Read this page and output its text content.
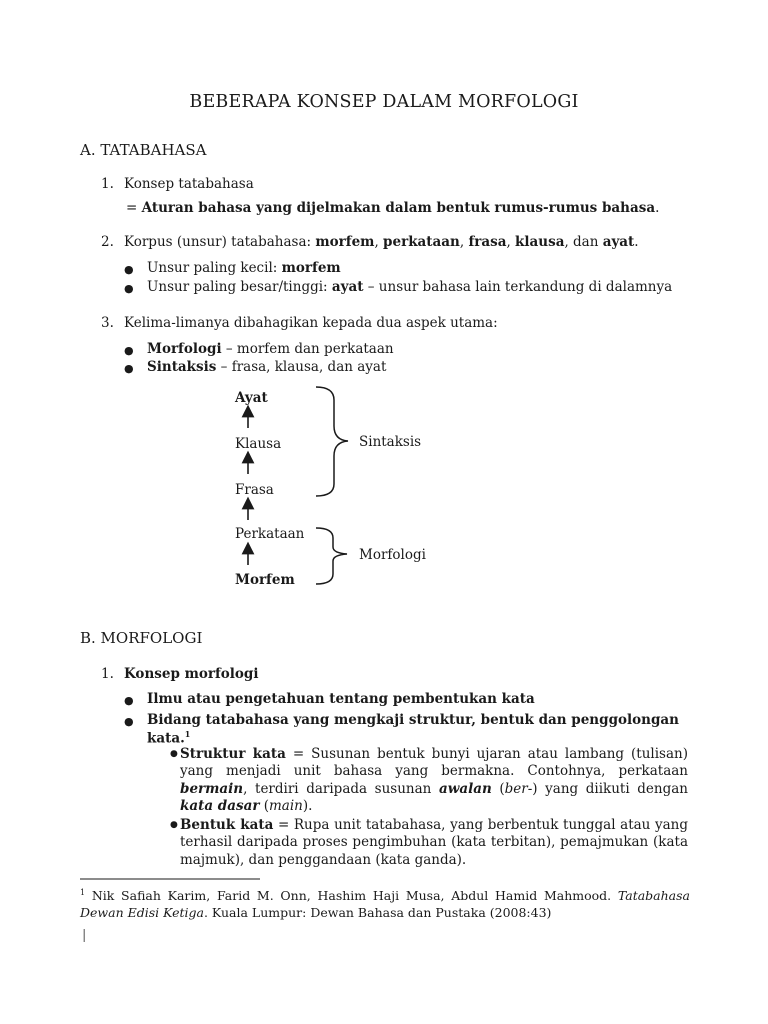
BEBERAPA KONSEP DALAM MORFOLOGI
A. TATABAHASA
1. Konsep tatabahasa
= Aturan bahasa yang dijelmakan dalam bentuk rumus-rumus bahasa.
2. Korpus (unsur) tatabahasa: morfem, perkataan, frasa, klausa, dan ayat.
● Unsur paling kecil: morfem
● Unsur paling besar/tinggi: ayat – unsur bahasa lain terkandung di dalamnya
3. Kelima-limanya dibahagikan kepada dua aspek utama:
● Morfologi – morfem dan perkataan
● Sintaksis – frasa, klausa, dan ayat
Ayat
Klausa
Frasa
Perkataan
Morfem
Sintaksis
Morfologi
B. MORFOLOGI
1. Konsep morfologi
● Ilmu atau pengetahuan tentang pembentukan kata
● Bidang tatabahasa yang mengkaji struktur, bentuk dan penggolongan
kata.$^1$
● Struktur kata = Susunan bentuk bunyi ujaran atau lambang (tulisan) yang menjadi unit bahasa yang bermakna. Contohnya, perkataan bermain, terdiri daripada susunan awalan (ber-) yang diikuti dengan kata dasar (main).
● Bentuk kata = Rupa unit tatabahasa, yang berbentuk tunggal atau yang terhasil daripada proses pengimbuhan (kata terbitan), pemajmukan (kata majmuk), dan penggandaan (kata ganda).
$^1$ Nik Safiah Karim, Farid M. Onn, Hashim Haji Musa, Abdul Hamid Mahmood. Tatabahasa Dewan Edisi Ketiga. Kuala Lumpur: Dewan Bahasa dan Pustaka (2008:43)
|
